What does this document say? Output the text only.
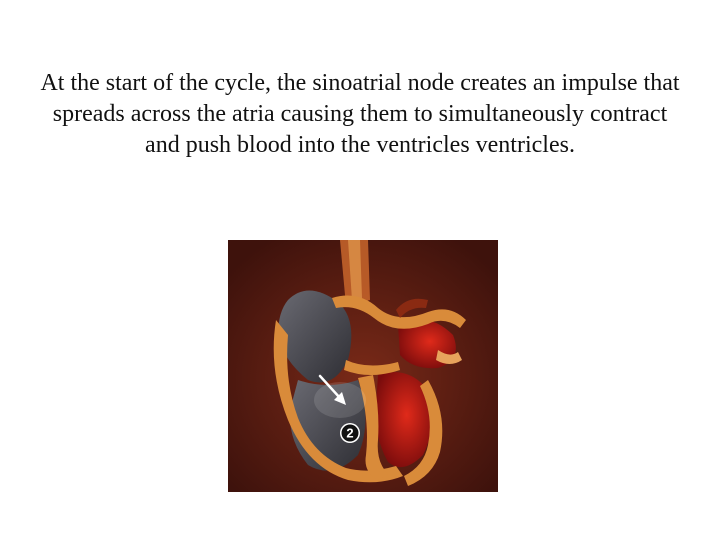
At the start of the cycle, the sinoatrial node creates an impulse that spreads across the atria causing them to simultaneously contract and push blood into the ventricles ventricles.

2
